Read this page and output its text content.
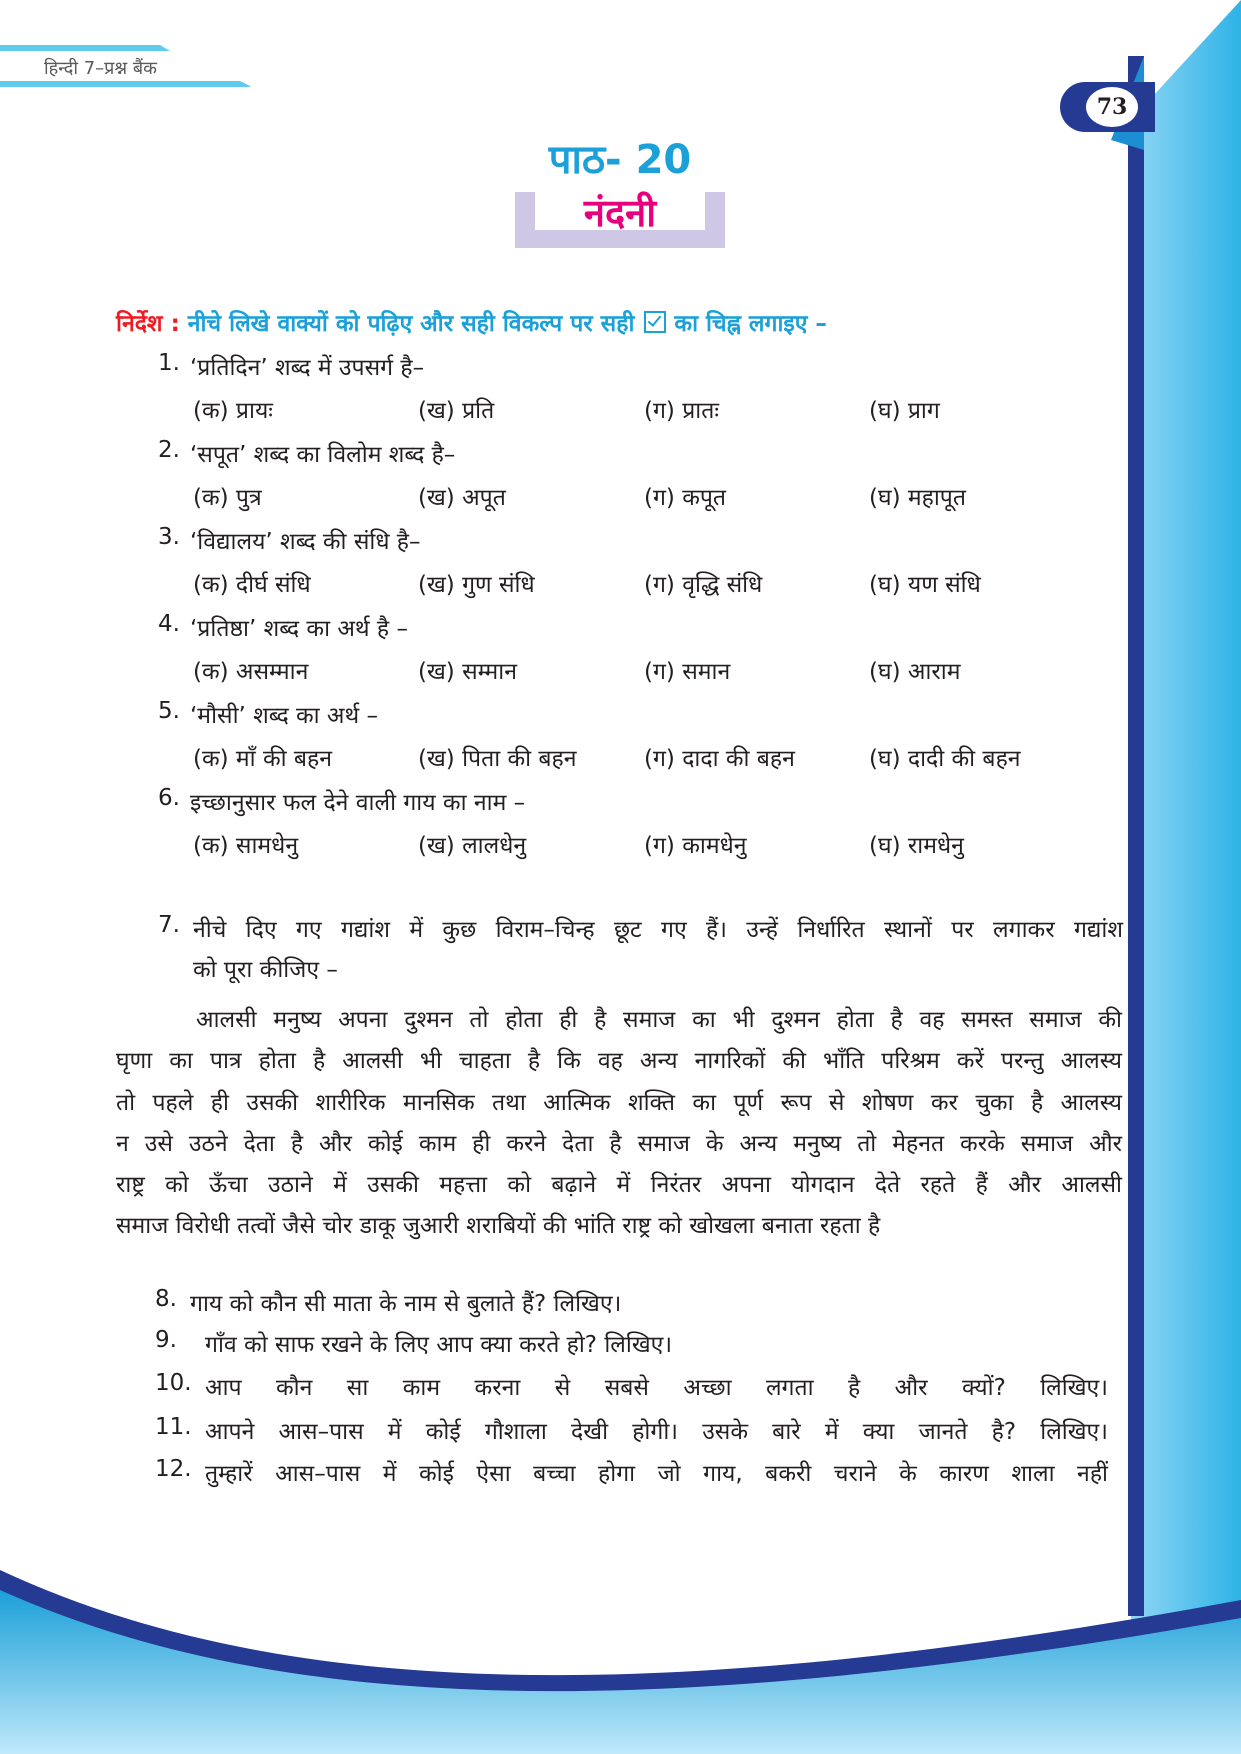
हिन्दी 7–प्रश्न बैंक
73
पाठ- 20
नंदनी
निर्देश : नीचे लिखे वाक्यों को पढ़िए और सही विकल्प पर सही का चिह्न लगाइए –
1. ‘प्रतिदिन’ शब्द में उपसर्ग है–
(क) प्रायः	(ख) प्रति	(ग) प्रातः	(घ) प्राग
2. ‘सपूत’ शब्द का विलोम शब्द है–
(क) पुत्र	(ख) अपूत	(ग) कपूत	(घ) महापूत
3. ‘विद्यालय’ शब्द की संधि है–
(क) दीर्घ संधि	(ख) गुण संधि	(ग) वृद्धि संधि	(घ) यण संधि
4. ‘प्रतिष्ठा’ शब्द का अर्थ है –
(क) असम्मान	(ख) सम्मान	(ग) समान	(घ) आराम
5. ‘मौसी’ शब्द का अर्थ –
(क) माँ की बहन	(ख) पिता की बहन	(ग) दादा की बहन	(घ) दादी की बहन
6. इच्छानुसार फल देने वाली गाय का नाम –
(क) सामधेनु	(ख) लालधेनु	(ग) कामधेनु	(घ) रामधेनु
7. नीचे दिए गए गद्यांश में कुछ विराम–चिन्ह छूट गए हैं। उन्हें निर्धारित स्थानों पर लगाकर गद्यांश
को पूरा कीजिए –
आलसी मनुष्य अपना दुश्मन तो होता ही है समाज का भी दुश्मन होता है वह समस्त समाज की
घृणा का पात्र होता है आलसी भी चाहता है कि वह अन्य नागरिकों की भाँति परिश्रम करें परन्तु आलस्य
तो पहले ही उसकी शारीरिक मानसिक तथा आत्मिक शक्ति का पूर्ण रूप से शोषण कर चुका है आलस्य
न उसे उठने देता है और कोई काम ही करने देता है समाज के अन्य मनुष्य तो मेहनत करके समाज और
राष्ट्र को ऊँचा उठाने में उसकी महत्ता को बढ़ाने में निरंतर अपना योगदान देते रहते हैं और आलसी
समाज विरोधी तत्वों जैसे चोर डाकू जुआरी शराबियों की भांति राष्ट्र को खोखला बनाता रहता है
8. गाय को कौन सी माता के नाम से बुलाते हैं? लिखिए।
9. गाँव को साफ रखने के लिए आप क्या करते हो? लिखिए।
10. आप कौन सा काम करना से सबसे अच्छा लगता है और क्यों? लिखिए।
11. आपने आस–पास में कोई गौशाला देखी होगी। उसके बारे में क्या जानते है? लिखिए।
12. तुम्हारें आस–पास में कोई ऐसा बच्चा होगा जो गाय, बकरी चराने के कारण शाला नहीं
